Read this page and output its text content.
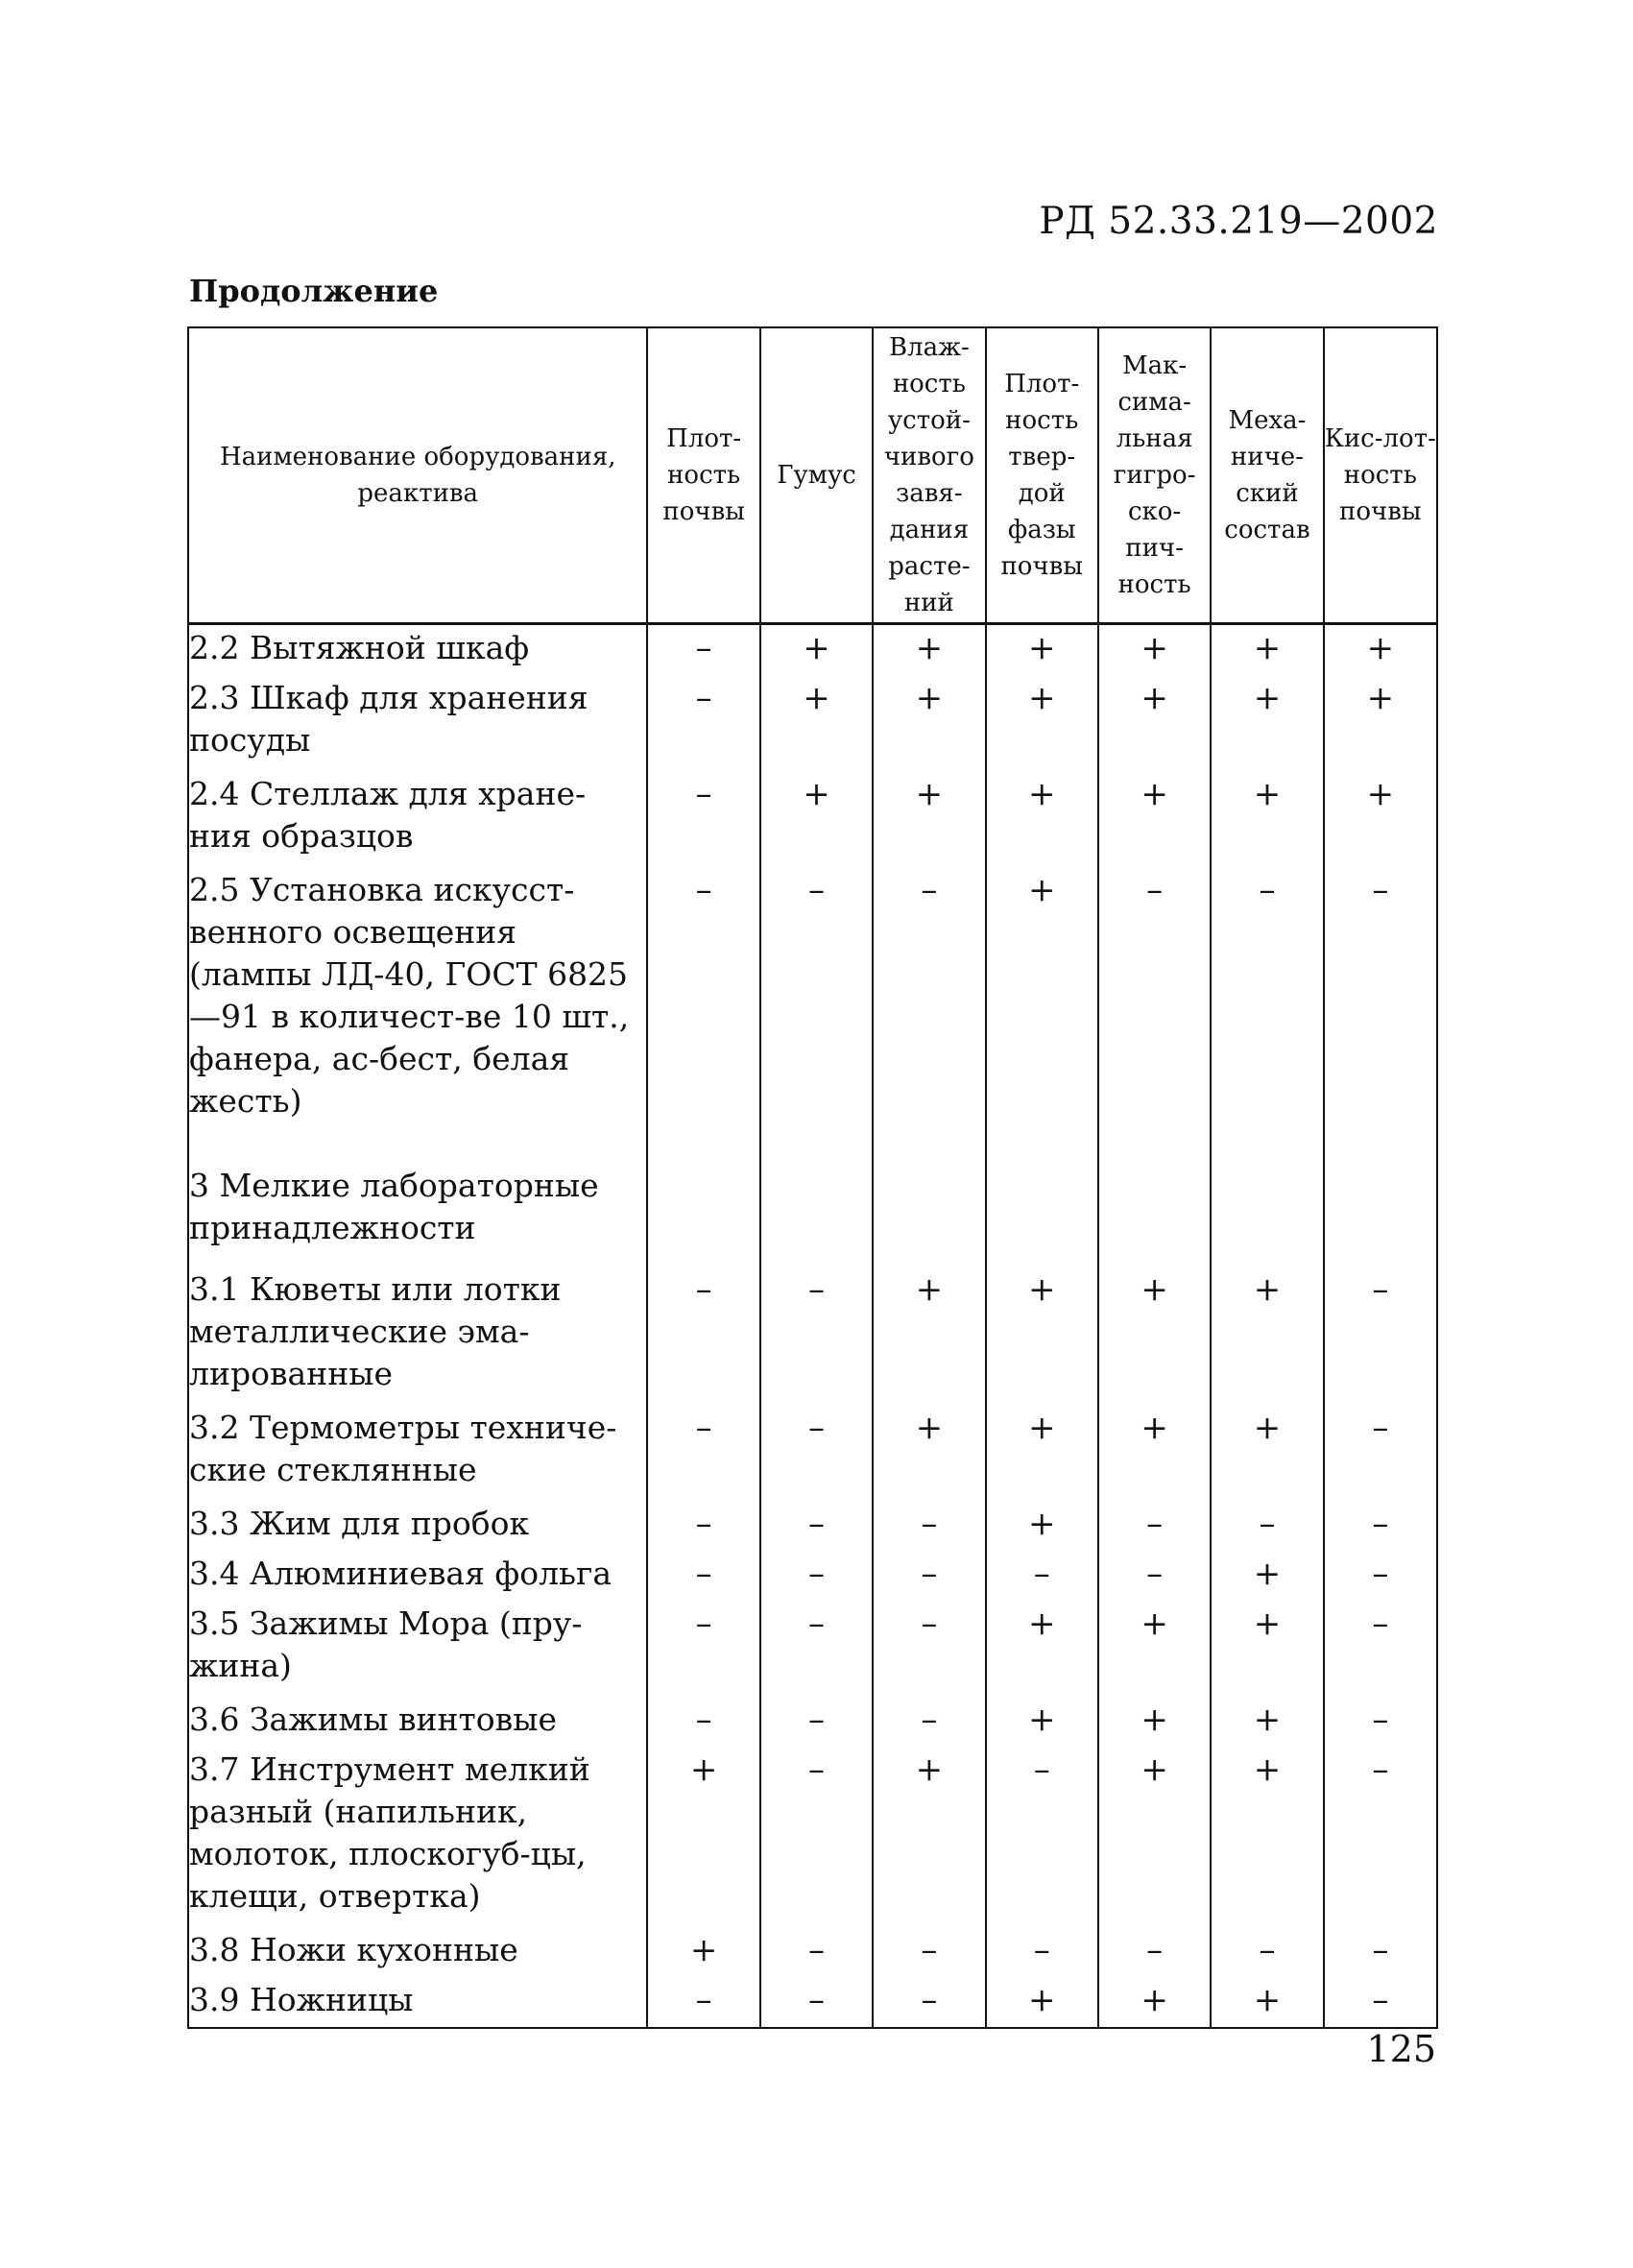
РД 52.33.219—2002
Продолжение
Наименование оборудования, реактива	Плот-ность почвы	Гумус	Влаж-ность устой-чивого завя-дания расте-ний	Плот-ность твер-дой фазы почвы	Мак-сима-льная гигро-ско-пич-ность	Меха-ниче-ский состав	Кис-лот-ность почвы
2.2 Вытяжной шкаф	–	+	+	+	+	+	+
2.3 Шкаф для хранения посуды	–	+	+	+	+	+	+
2.4 Стеллаж для хране-ния образцов	–	+	+	+	+	+	+
2.5 Установка искусст-венного освещения (лампы ЛД-40, ГОСТ 6825—91 в количест-ве 10 шт., фанера, ас-бест, белая жесть)	–	–	–	+	–	–	–
3 Мелкие лабораторные принадлежности							
3.1 Кюветы или лотки металлические эма-лированные	–	–	+	+	+	+	–
3.2 Термометры техниче-ские стеклянные	–	–	+	+	+	+	–
3.3 Жим для пробок	–	–	–	+	–	–	–
3.4 Алюминиевая фольга	–	–	–	–	–	+	–
3.5 Зажимы Мора (пру-жина)	–	–	–	+	+	+	–
3.6 Зажимы винтовые	–	–	–	+	+	+	–
3.7 Инструмент мелкий разный (напильник, молоток, плоскогуб-цы, клещи, отвертка)	+	–	+	–	+	+	–
3.8 Ножи кухонные	+	–	–	–	–	–	–
3.9 Ножницы	–	–	–	+	+	+	–
125
